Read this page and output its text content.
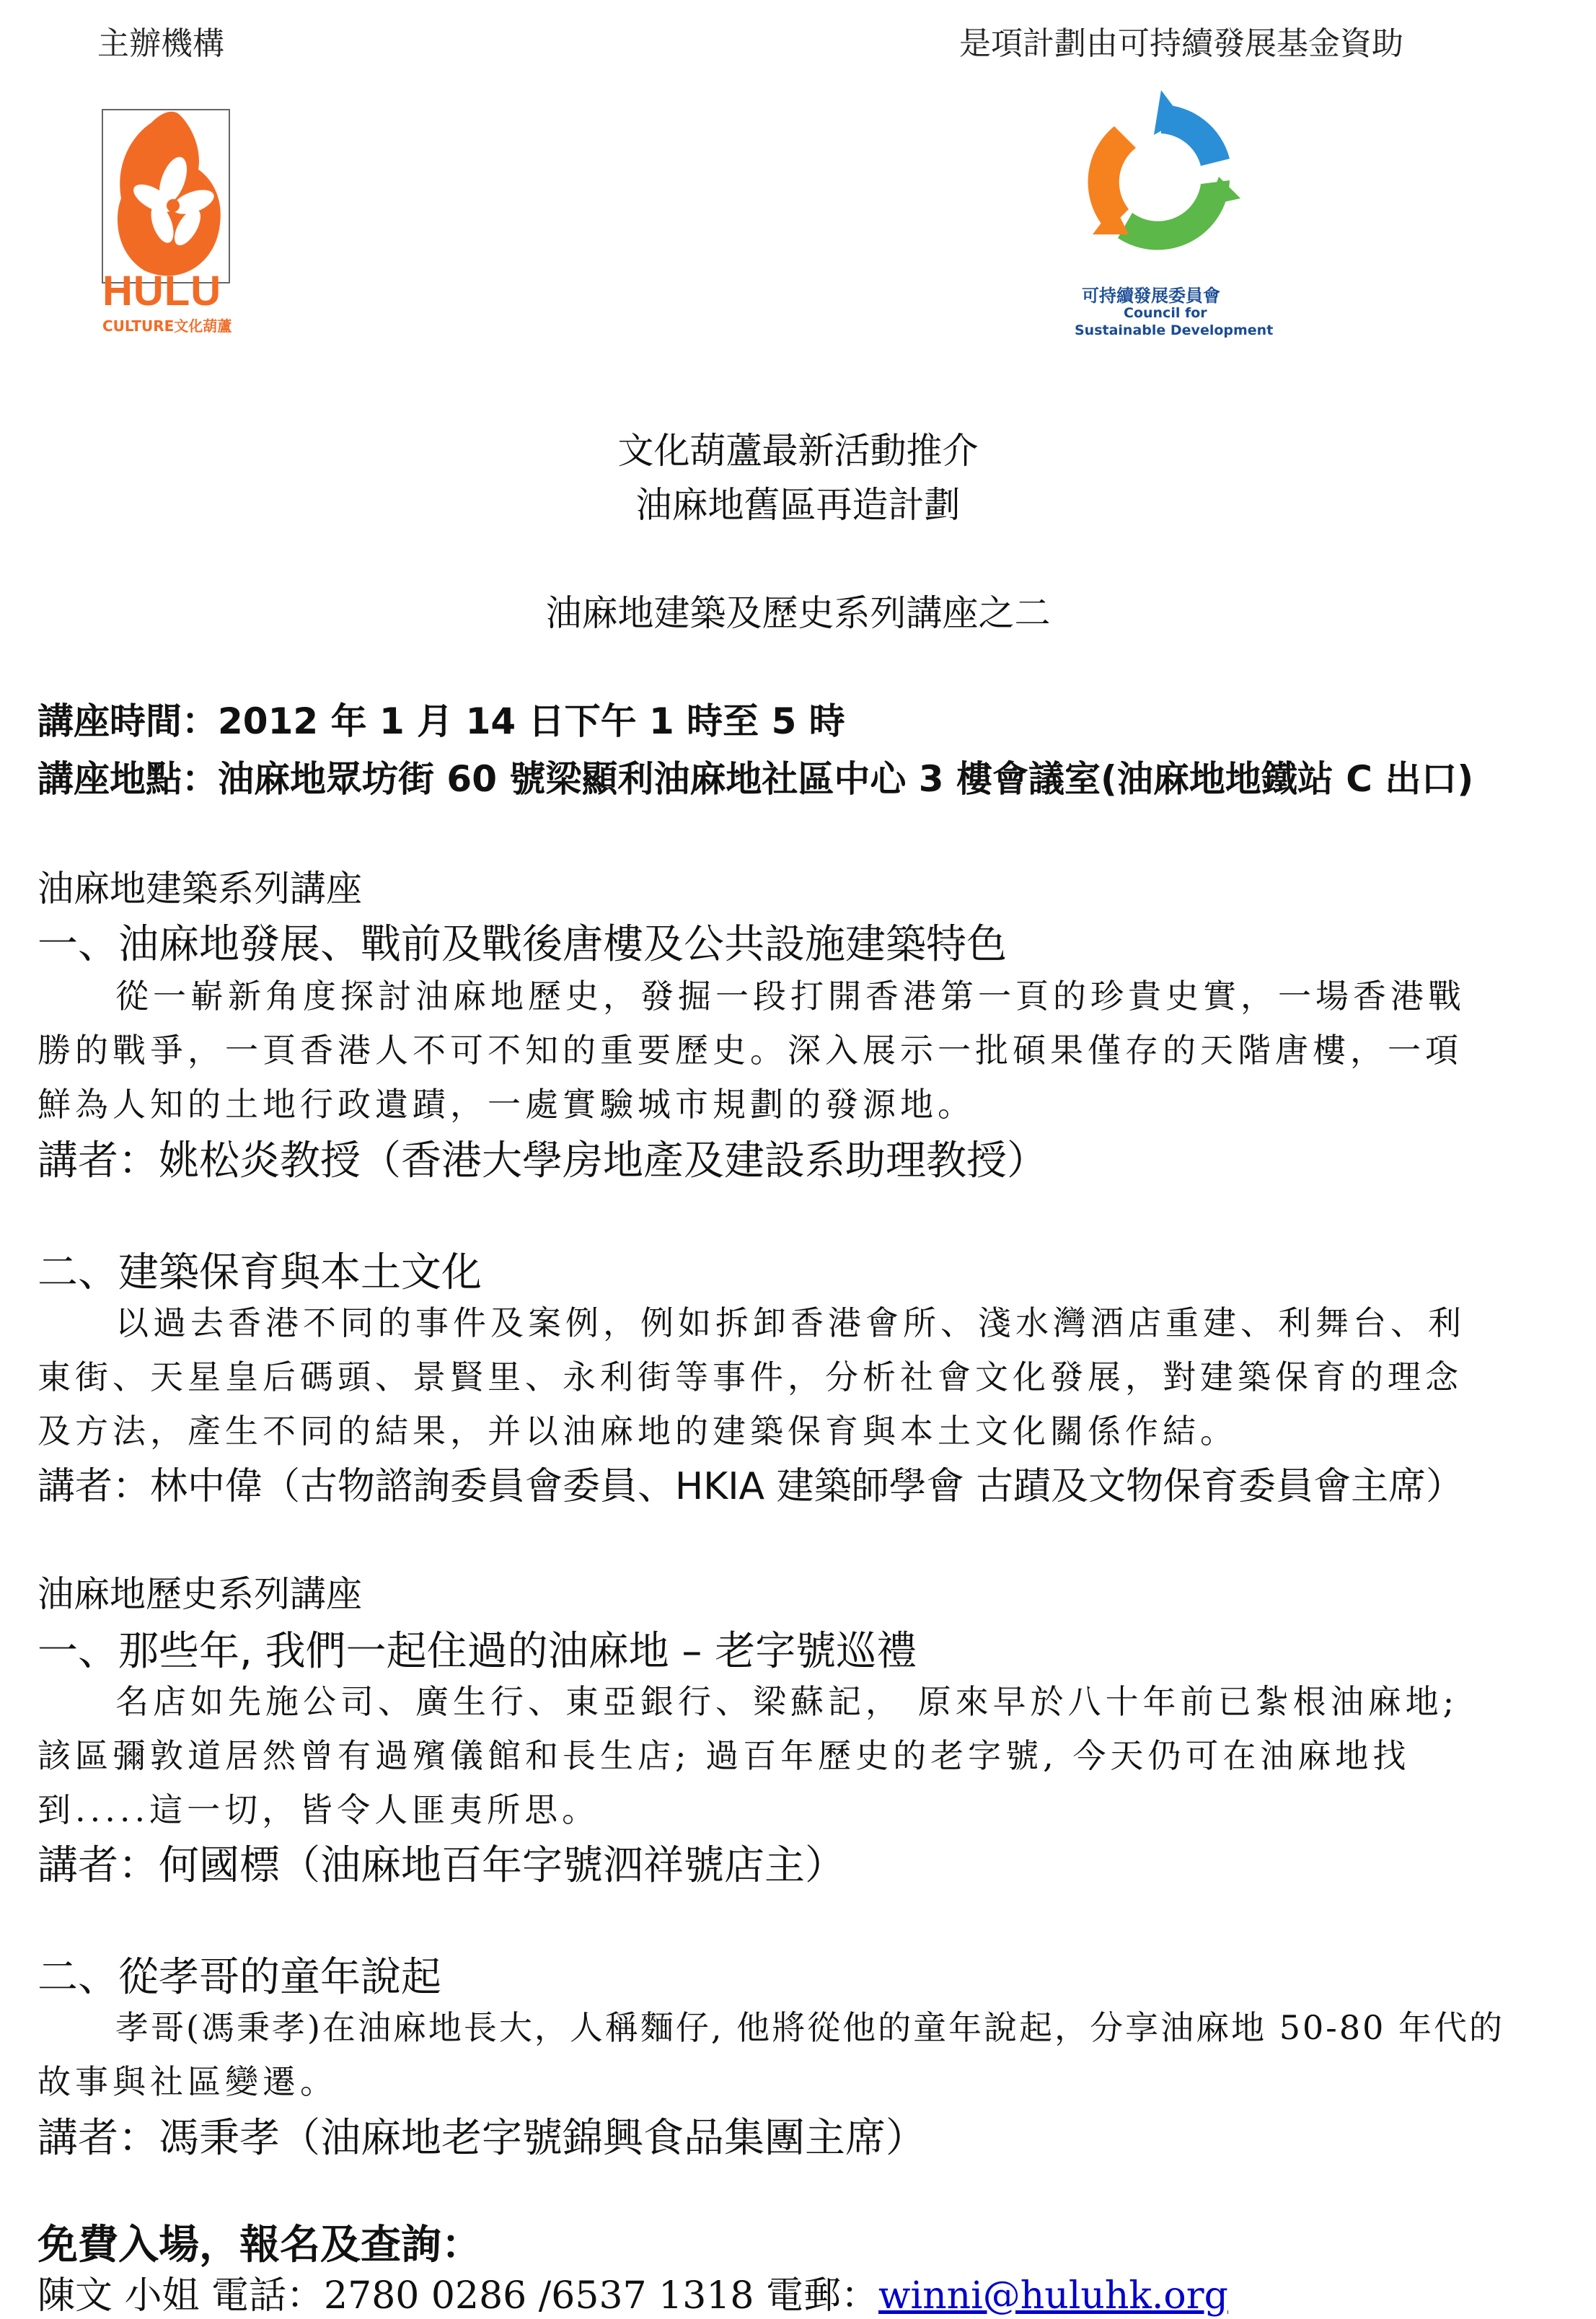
主辦機構	是項計劃由可持續發展基金資助
HULU
CULTURE文化葫蘆
可持續發展委員會
Council for
Sustainable Development
文化葫蘆最新活動推介
油麻地舊區再造計劃
油麻地建築及歷史系列講座之二
講座時間：2012 年 1 月 14 日下午 1 時至 5 時
講座地點：油麻地眾坊街 60 號梁顯利油麻地社區中心 3 樓會議室(油麻地地鐵站 C 出口)
油麻地建築系列講座
一、油麻地發展、戰前及戰後唐樓及公共設施建築特色
從一嶄新角度探討油麻地歷史，發掘一段打開香港第一頁的珍貴史實，一場香港戰
勝的戰爭，一頁香港人不可不知的重要歷史。深入展示一批碩果僅存的天階唐樓，一項
鮮為人知的土地行政遺蹟，一處實驗城市規劃的發源地。
講者：姚松炎教授（香港大學房地產及建設系助理教授）
二、建築保育與本土文化
以過去香港不同的事件及案例，例如拆卸香港會所、淺水灣酒店重建、利舞台、利
東街、天星皇后碼頭、景賢里、永利街等事件，分析社會文化發展，對建築保育的理念
及方法，產生不同的結果，并以油麻地的建築保育與本土文化關係作結。
講者：林中偉（古物諮詢委員會委員、HKIA 建築師學會 古蹟及文物保育委員會主席）
油麻地歷史系列講座
一、那些年, 我們一起住過的油麻地 – 老字號巡禮
名店如先施公司、廣生行、東亞銀行、梁蘇記， 原來早於八十年前已紮根油麻地;
該區彌敦道居然曾有過殯儀館和長生店; 過百年歷史的老字號, 今天仍可在油麻地找
到.....這一切，皆令人匪夷所思。
講者：何國標（油麻地百年字號泗祥號店主）
二、從孝哥的童年說起
孝哥(馮秉孝)在油麻地長大，人稱麵仔, 他將從他的童年說起，分享油麻地 50-80 年代的
故事與社區變遷。
講者：馮秉孝（油麻地老字號錦興食品集團主席）
免費入場，報名及查詢：
陳文 小姐 電話：2780 0286 /6537 1318 電郵：winni@huluhk.org
